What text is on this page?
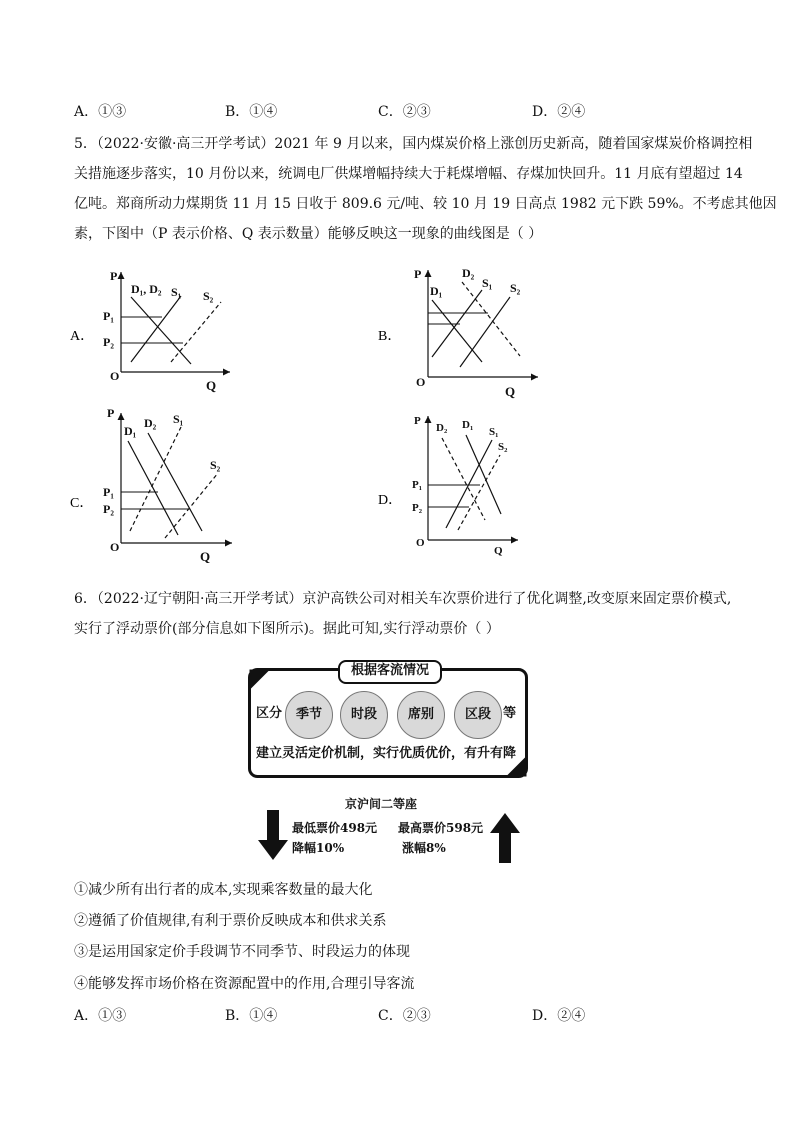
A．①③	B．①④	C．②③	D．②④
5．（2022·安徽·高三开学考试）2021 年 9 月以来，国内煤炭价格上涨创历史新高，随着国家煤炭价格调控相
关措施逐步落实，10 月份以来，统调电厂供煤增幅持续大于耗煤增幅、存煤加快回升。11 月底有望超过 14
亿吨。郑商所动力煤期货 11 月 15 日收于 809.6 元/吨、较 10 月 19 日高点 1982 元下跌 59%。不考虑其他因
素，下图中（P 表示价格、Q 表示数量）能够反映这一现象的曲线图是（ ）
A．
P
Q
O
P₁
P₂
D₁, D₂ S₁ S₂
B．
P
Q
O
D₁
D₂
S₁ S₂
C．
P
Q
O
P₁
P₂
D₁
D₂ S₁
S₂
D．
P
Q
O
P₁
P₂
D₂ D₁
S₁
S₂
6．（2022·辽宁朝阳·高三开学考试）京沪高铁公司对相关车次票价进行了优化调整,改变原来固定票价模式,
实行了浮动票价(部分信息如下图所示)。据此可知,实行浮动票价（ ）
根据客流情况
区分	季节	时段	席别	区段 等
建立灵活定价机制，实行优质优价，有升有降
京沪间二等座
最低票价498元
降幅10%
最高票价598元
涨幅8%
①减少所有出行者的成本,实现乘客数量的最大化
②遵循了价值规律,有利于票价反映成本和供求关系
③是运用国家定价手段调节不同季节、时段运力的体现
④能够发挥市场价格在资源配置中的作用,合理引导客流
A．①③	B．①④	C．②③	D．②④
